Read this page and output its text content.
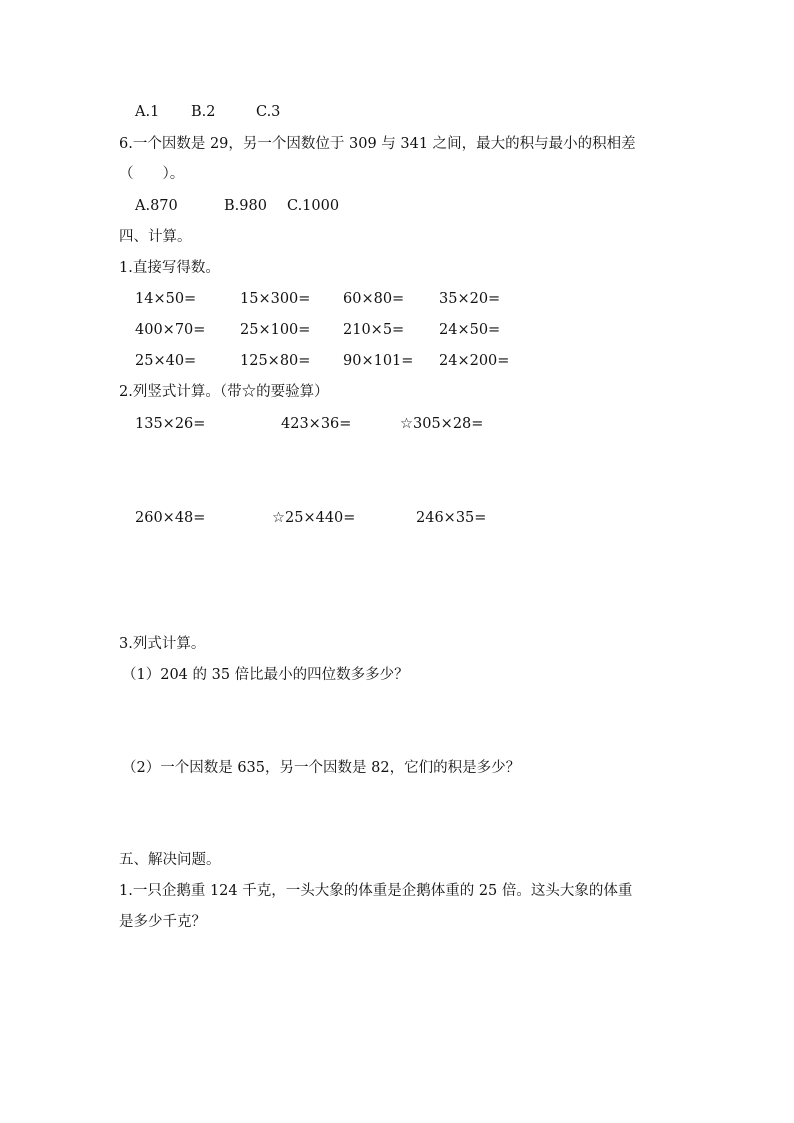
A.1 B.2	C.3
6.一个因数是 29，另一个因数位于 309 与 341 之间，最大的积与最小的积相差
（　　）。
A.870	B.980 C.1000
四、计算。
1.直接写得数。
14×50=	15×300= 60×80= 35×20=
400×70= 25×100= 210×5= 24×50=
25×40=	125×80= 90×101= 24×200=
2.列竖式计算。（带☆的要验算）
135×26=	423×36=	☆305×28=
260×48=	☆25×440=	246×35=
3.列式计算。
（1）204 的 35 倍比最小的四位数多多少？
（2）一个因数是 635，另一个因数是 82，它们的积是多少？
五、解决问题。
1.一只企鹅重 124 千克，一头大象的体重是企鹅体重的 25 倍。这头大象的体重
是多少千克？
